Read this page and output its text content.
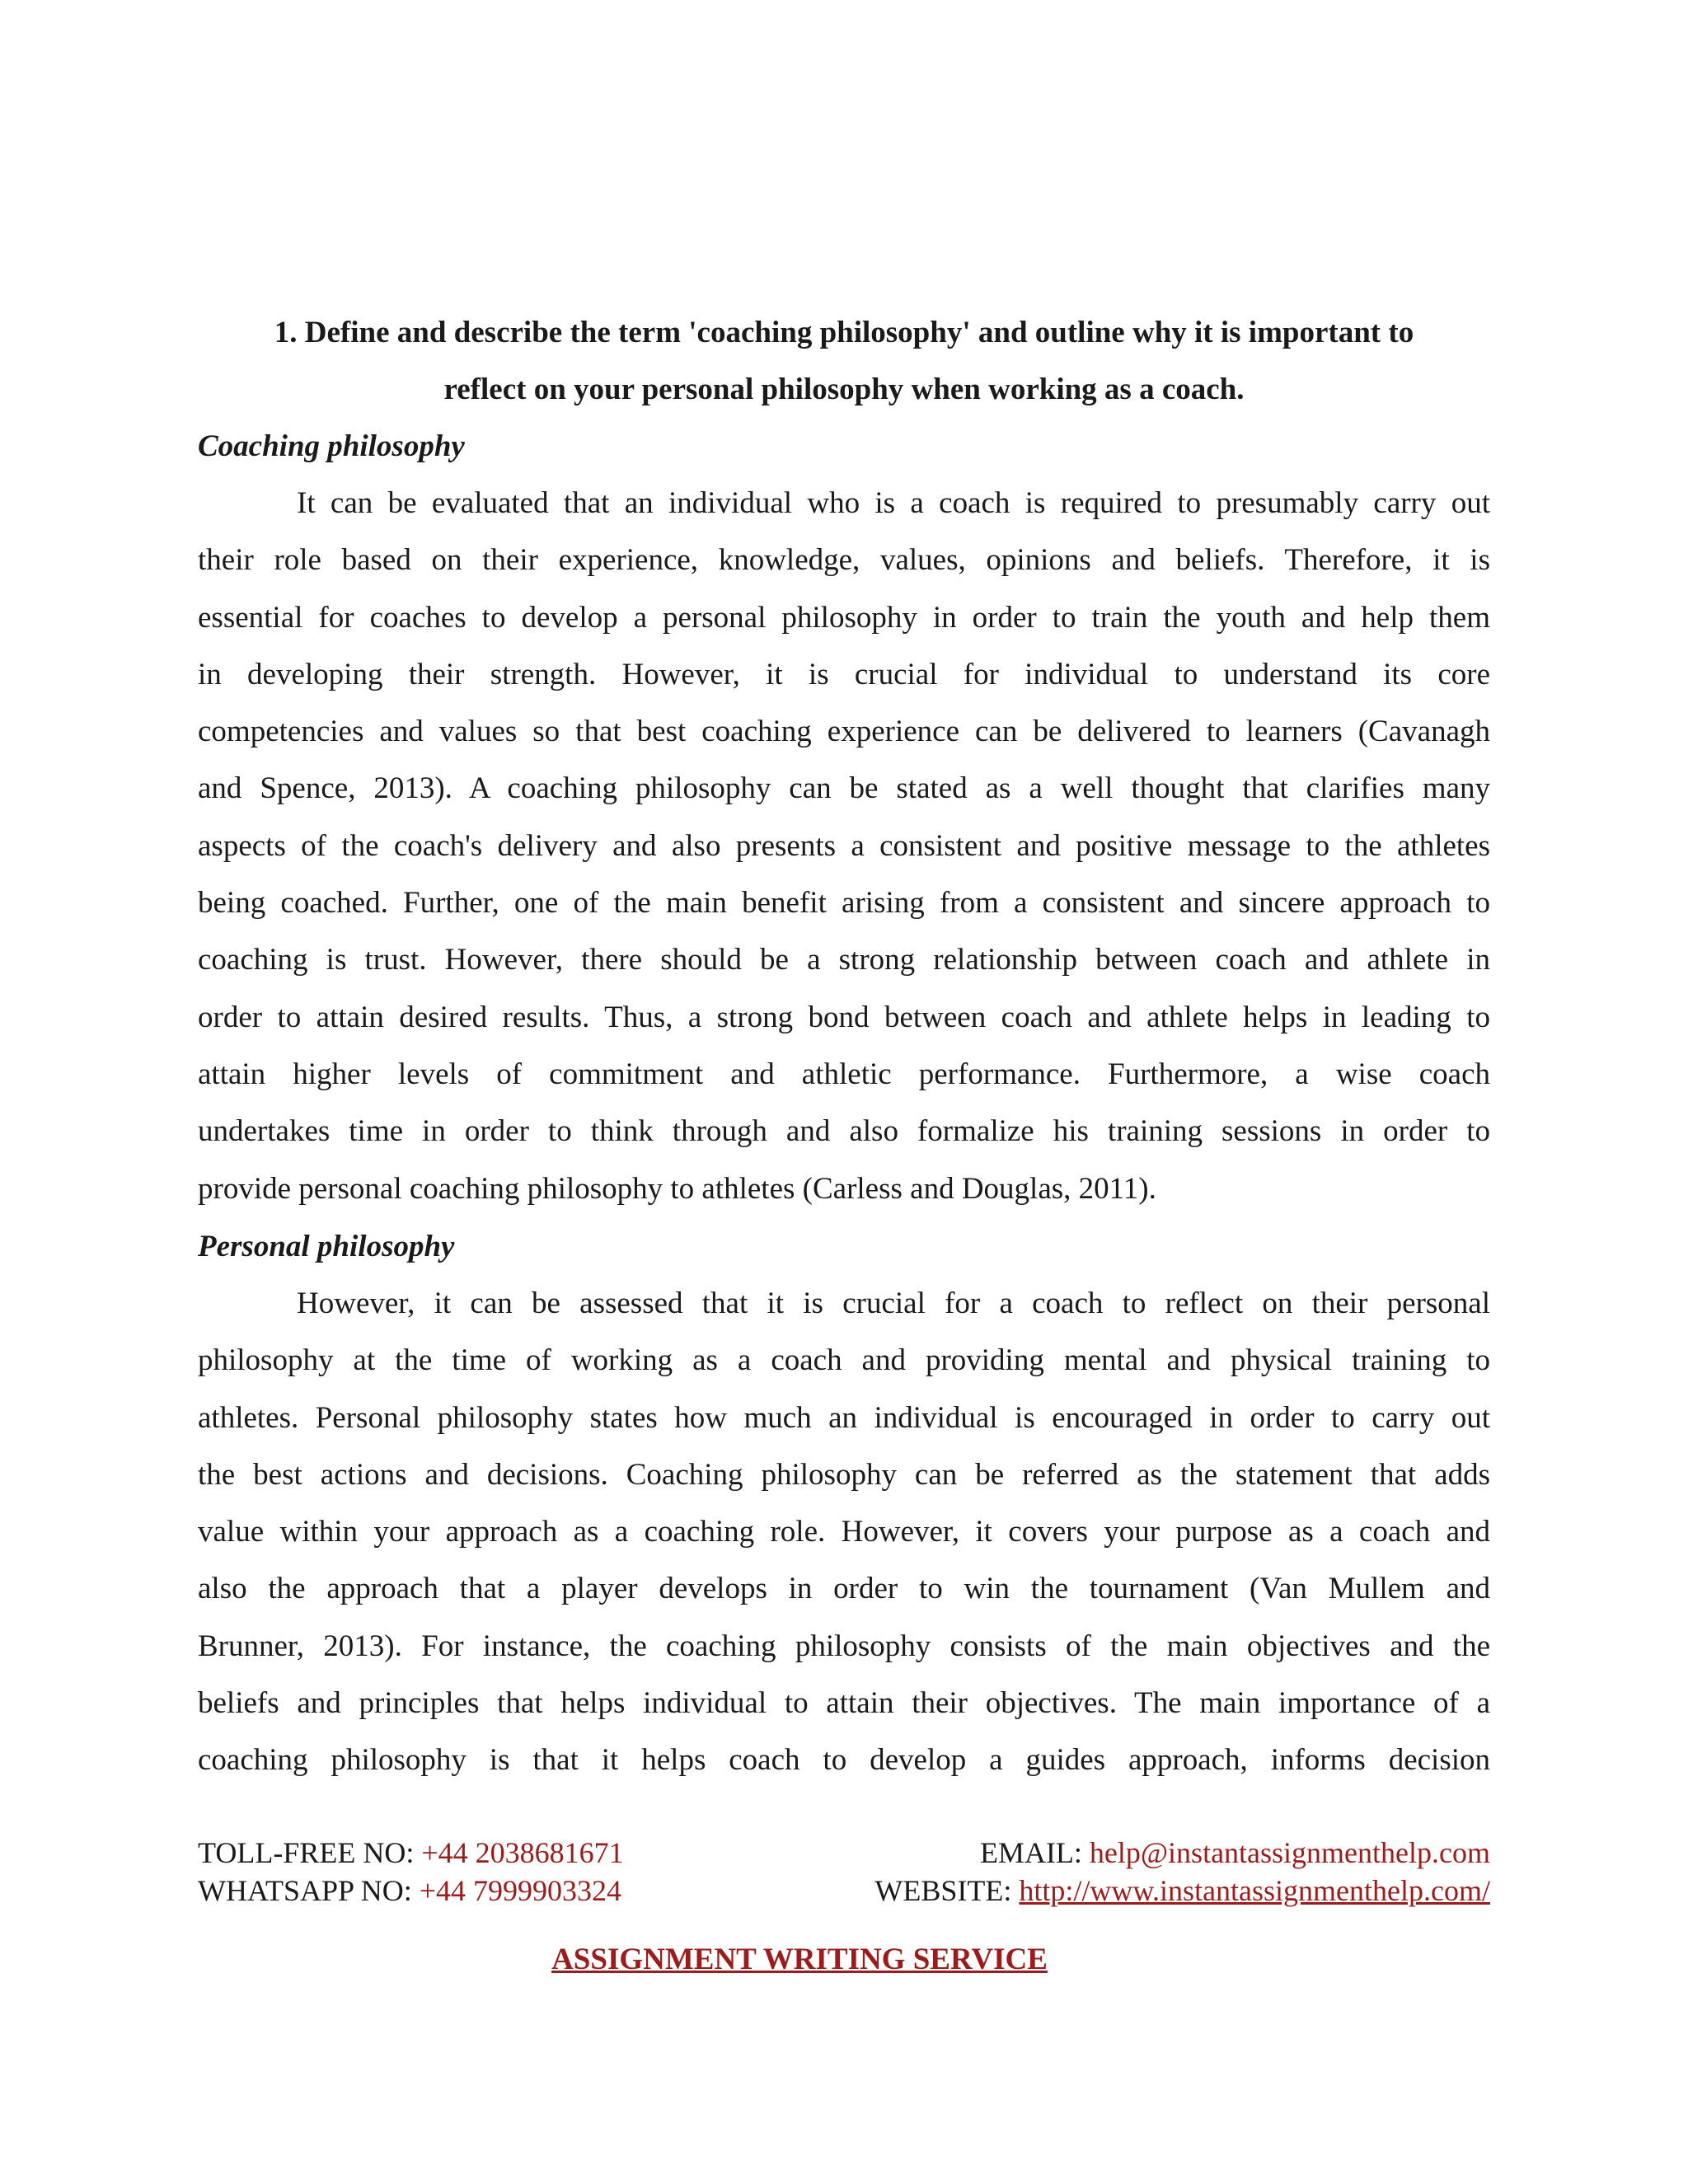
1. Define and describe the term 'coaching philosophy' and outline why it is important to
reflect on your personal philosophy when working as a coach.
Coaching philosophy
It can be evaluated that an individual who is a coach is required to presumably carry out
their role based on their experience, knowledge, values, opinions and beliefs. Therefore, it is
essential for coaches to develop a personal philosophy in order to train the youth and help them
in developing their strength. However, it is crucial for individual to understand its core
competencies and values so that best coaching experience can be delivered to learners (Cavanagh
and Spence, 2013). A coaching philosophy can be stated as a well thought that clarifies many
aspects of the coach's delivery and also presents a consistent and positive message to the athletes
being coached. Further, one of the main benefit arising from a consistent and sincere approach to
coaching is trust. However, there should be a strong relationship between coach and athlete in
order to attain desired results. Thus, a strong bond between coach and athlete helps in leading to
attain higher levels of commitment and athletic performance. Furthermore, a wise coach
undertakes time in order to think through and also formalize his training sessions in order to
provide personal coaching philosophy to athletes (Carless and Douglas, 2011).
Personal philosophy
However, it can be assessed that it is crucial for a coach to reflect on their personal
philosophy at the time of working as a coach and providing mental and physical training to
athletes. Personal philosophy states how much an individual is encouraged in order to carry out
the best actions and decisions. Coaching philosophy can be referred as the statement that adds
value within your approach as a coaching role. However, it covers your purpose as a coach and
also the approach that a player develops in order to win the tournament (Van Mullem and
Brunner, 2013). For instance, the coaching philosophy consists of the main objectives and the
beliefs and principles that helps individual to attain their objectives. The main importance of a
coaching philosophy is that it helps coach to develop a guides approach, informs decision
TOLL-FREE NO: +44 2038681671	EMAIL: help@instantassignmenthelp.com
WHATSAPP NO: +44 7999903324	WEBSITE: http://www.instantassignmenthelp.com/
ASSIGNMENT WRITING SERVICE
